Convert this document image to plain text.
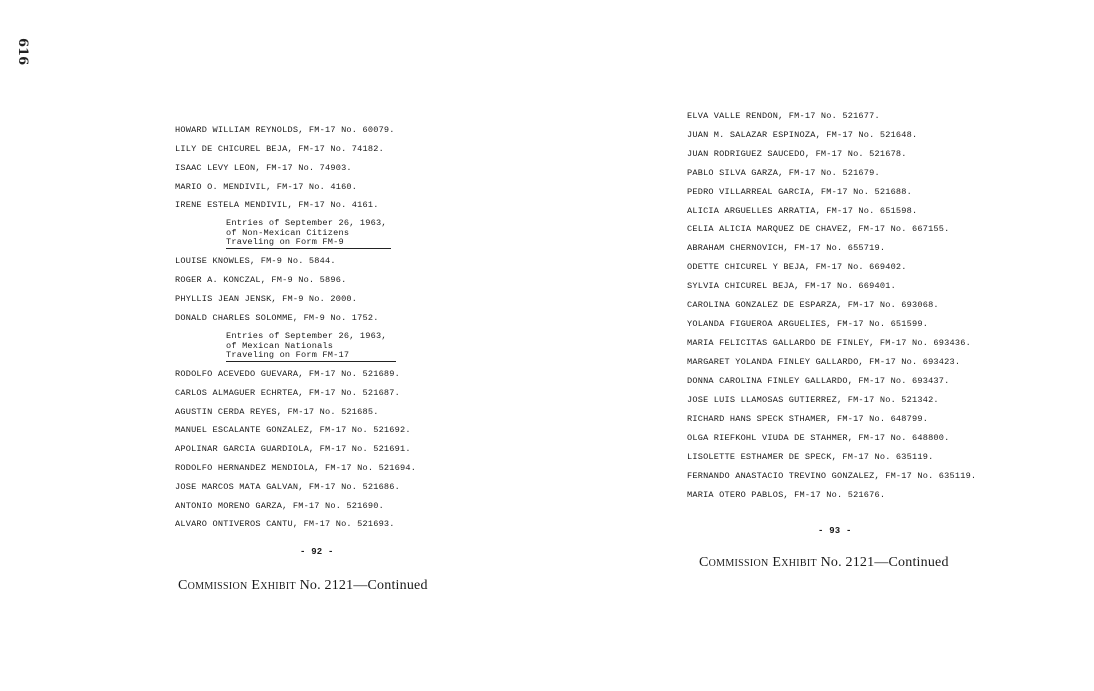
616
HOWARD WILLIAM REYNOLDS, FM-17 No. 60079.
LILY DE CHICUREL BEJA, FM-17 No. 74182.
ISAAC LEVY LEON, FM-17 No. 74903.
MARIO O. MENDIVIL, FM-17 No. 4160.
IRENE ESTELA MENDIVIL, FM-17 No. 4161.
Entries of September 26, 1963,
of Non-Mexican Citizens
Traveling on Form FM-9
LOUISE KNOWLES, FM-9 No. 5844.
ROGER A. KONCZAL, FM-9 No. 5896.
PHYLLIS JEAN JENSK, FM-9 No. 2000.
DONALD CHARLES SOLOMME, FM-9 No. 1752.
Entries of September 26, 1963,
of Mexican Nationals
Traveling on Form FM-17
RODOLFO ACEVEDO GUEVARA, FM-17 No. 521689.
CARLOS ALMAGUER ECHRTEA, FM-17 No. 521687.
AGUSTIN CERDA REYES, FM-17 No. 521685.
MANUEL ESCALANTE GONZALEZ, FM-17 No. 521692.
APOLINAR GARCIA GUARDIOLA, FM-17 No. 521691.
RODOLFO HERNANDEZ MENDIOLA, FM-17 No. 521694.
JOSE MARCOS MATA GALVAN, FM-17 No. 521686.
ANTONIO MORENO GARZA, FM-17 No. 521690.
ALVARO ONTIVEROS CANTU, FM-17 No. 521693.
- 92 -
Commission Exhibit No. 2121—Continued
ELVA VALLE RENDON, FM-17 No. 521677.
JUAN M. SALAZAR ESPINOZA, FM-17 No. 521648.
JUAN RODRIGUEZ SAUCEDO, FM-17 No. 521678.
PABLO SILVA GARZA, FM-17 No. 521679.
PEDRO VILLARREAL GARCIA, FM-17 No. 521688.
ALICIA ARGUELLES ARRATIA, FM-17 No. 651598.
CELIA ALICIA MARQUEZ DE CHAVEZ, FM-17 No. 667155.
ABRAHAM CHERNOVICH, FM-17 No. 655719.
ODETTE CHICUREL Y BEJA, FM-17 No. 669402.
SYLVIA CHICUREL BEJA, FM-17 No. 669401.
CAROLINA GONZALEZ DE ESPARZA, FM-17 No. 693068.
YOLANDA FIGUEROA ARGUELIES, FM-17 No. 651599.
MARIA FELICITAS GALLARDO DE FINLEY, FM-17 No. 693436.
MARGARET YOLANDA FINLEY GALLARDO, FM-17 No. 693423.
DONNA CAROLINA FINLEY GALLARDO, FM-17 No. 693437.
JOSE LUIS LLAMOSAS GUTIERREZ, FM-17 No. 521342.
RICHARD HANS SPECK STHAMER, FM-17 No. 648799.
OLGA RIEFKOHL VIUDA DE STAHMER, FM-17 No. 648800.
LISOLETTE ESTHAMER DE SPECK, FM-17 No. 635119.
FERNANDO ANASTACIO TREVINO GONZALEZ, FM-17 No. 635119.
MARIA OTERO PABLOS, FM-17 No. 521676.
- 93 -
Commission Exhibit No. 2121—Continued
